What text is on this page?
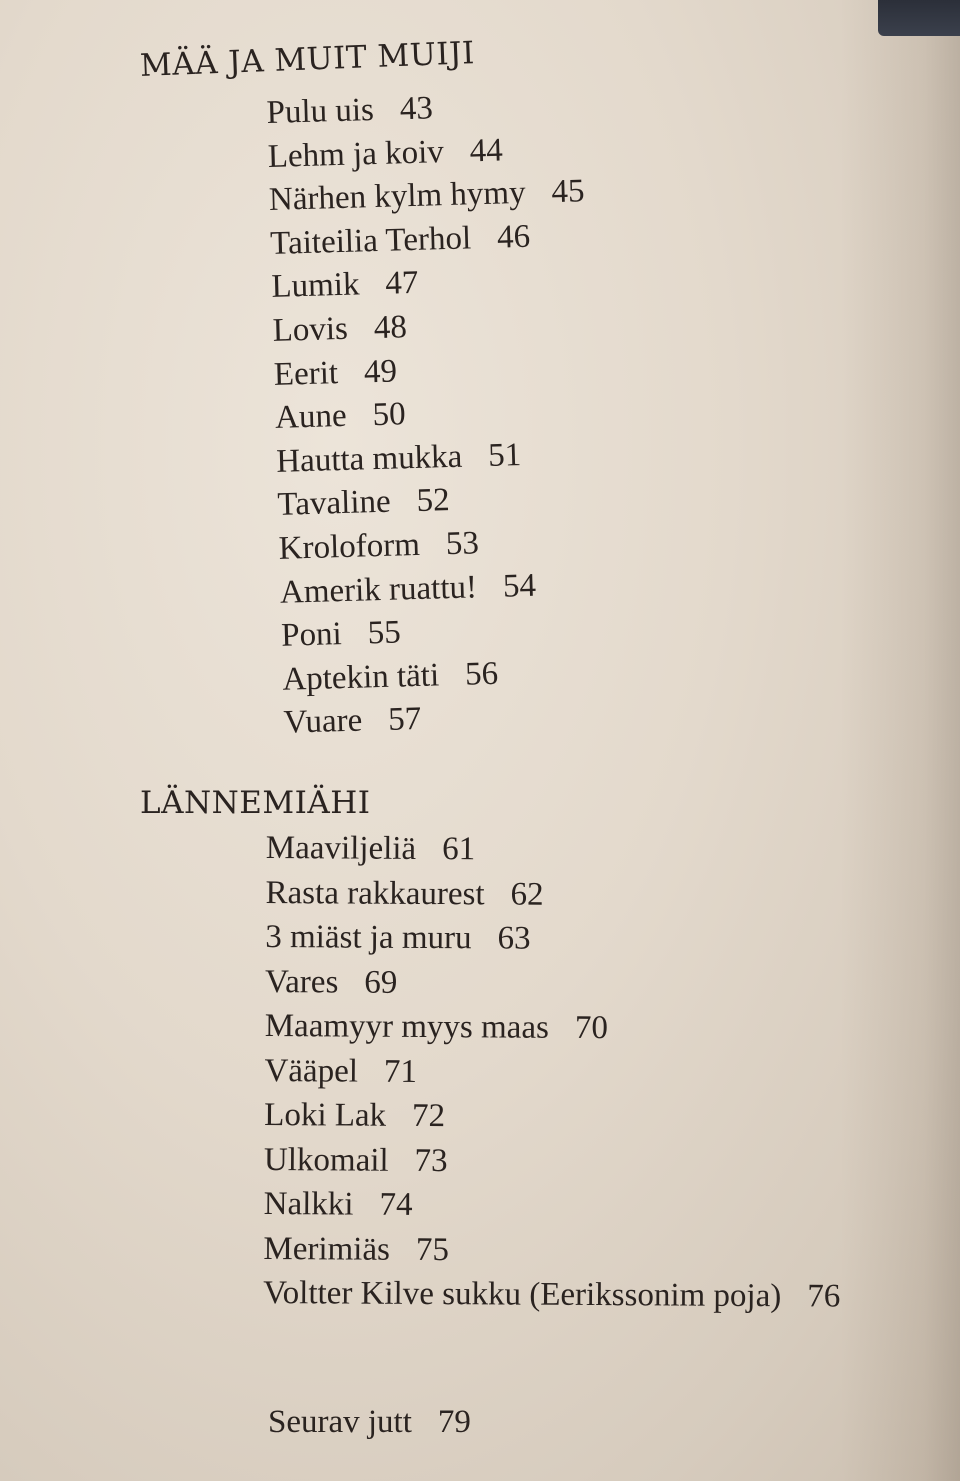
MÄÄ JA MUIT MUIJI
Pulu uis 43
Lehm ja koiv 44
Närhen kylm hymy 45
Taiteilia Terhol 46
Lumik 47
Lovis 48
Eerit 49
Aune 50
Hautta mukka 51
Tavaline 52
Kroloform 53
Amerik ruattu! 54
Poni 55
Aptekin täti 56
Vuare 57
LÄNNEMIÄHI
Maaviljeliä 61
Rasta rakkaurest 62
3 miäst ja muru 63
Vares 69
Maamyyr myys maas 70
Vääpel 71
Loki Lak 72
Ulkomail 73
Nalkki 74
Merimiäs 75
Voltter Kilve sukku (Eerikssonim poja) 76
Seurav jutt 79
